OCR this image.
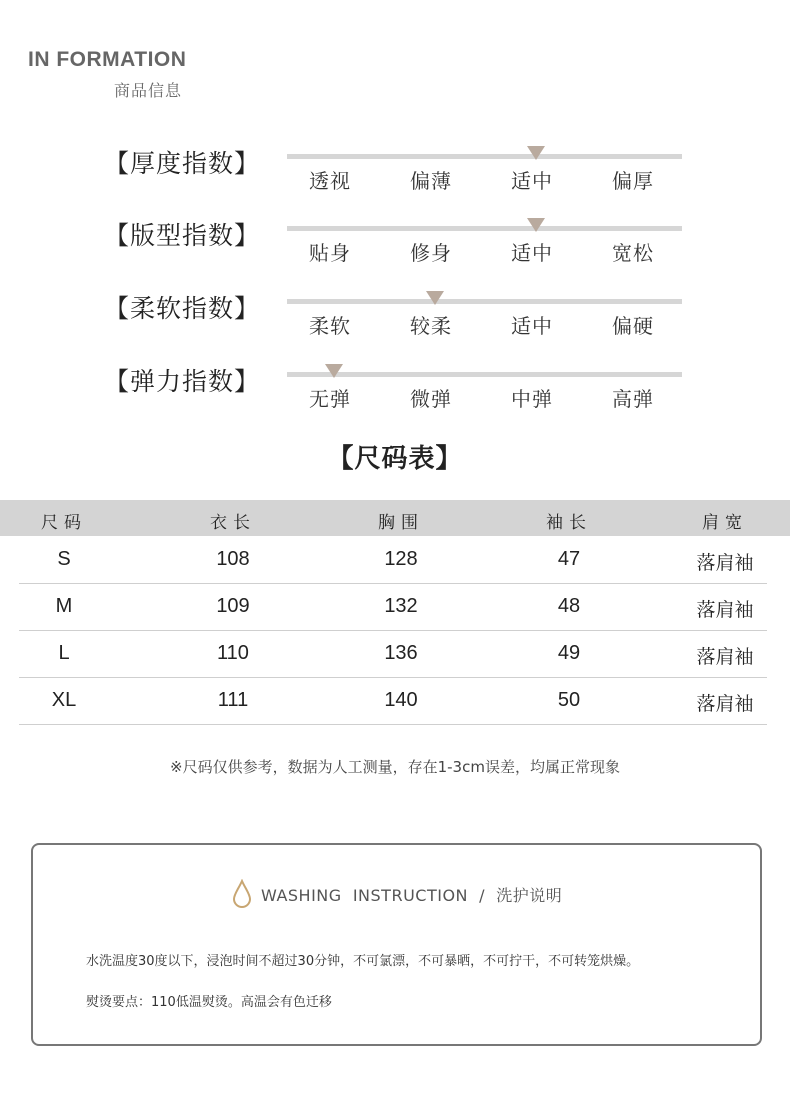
IN FORMATION
商品信息
【厚度指数】
透视	偏薄	适中	偏厚
【版型指数】
贴身	修身	适中	宽松
【柔软指数】
柔软	较柔	适中	偏硬
【弹力指数】
无弹	微弹	中弹	高弹
【尺码表】
尺码	衣长	胸围	袖长	肩宽
S	108	128	47	落肩袖
M	109	132	48	落肩袖
L	110	136	49	落肩袖
XL	111	140	50	落肩袖
※尺码仅供参考，数据为人工测量，存在1-3cm误差，均属正常现象
WASHING  INSTRUCTION  /  洗护说明
水洗温度30度以下，浸泡时间不超过30分钟，不可氯漂，不可暴晒，不可拧干，不可转笼烘燥。
熨烫要点：110低温熨烫。高温会有色迁移
